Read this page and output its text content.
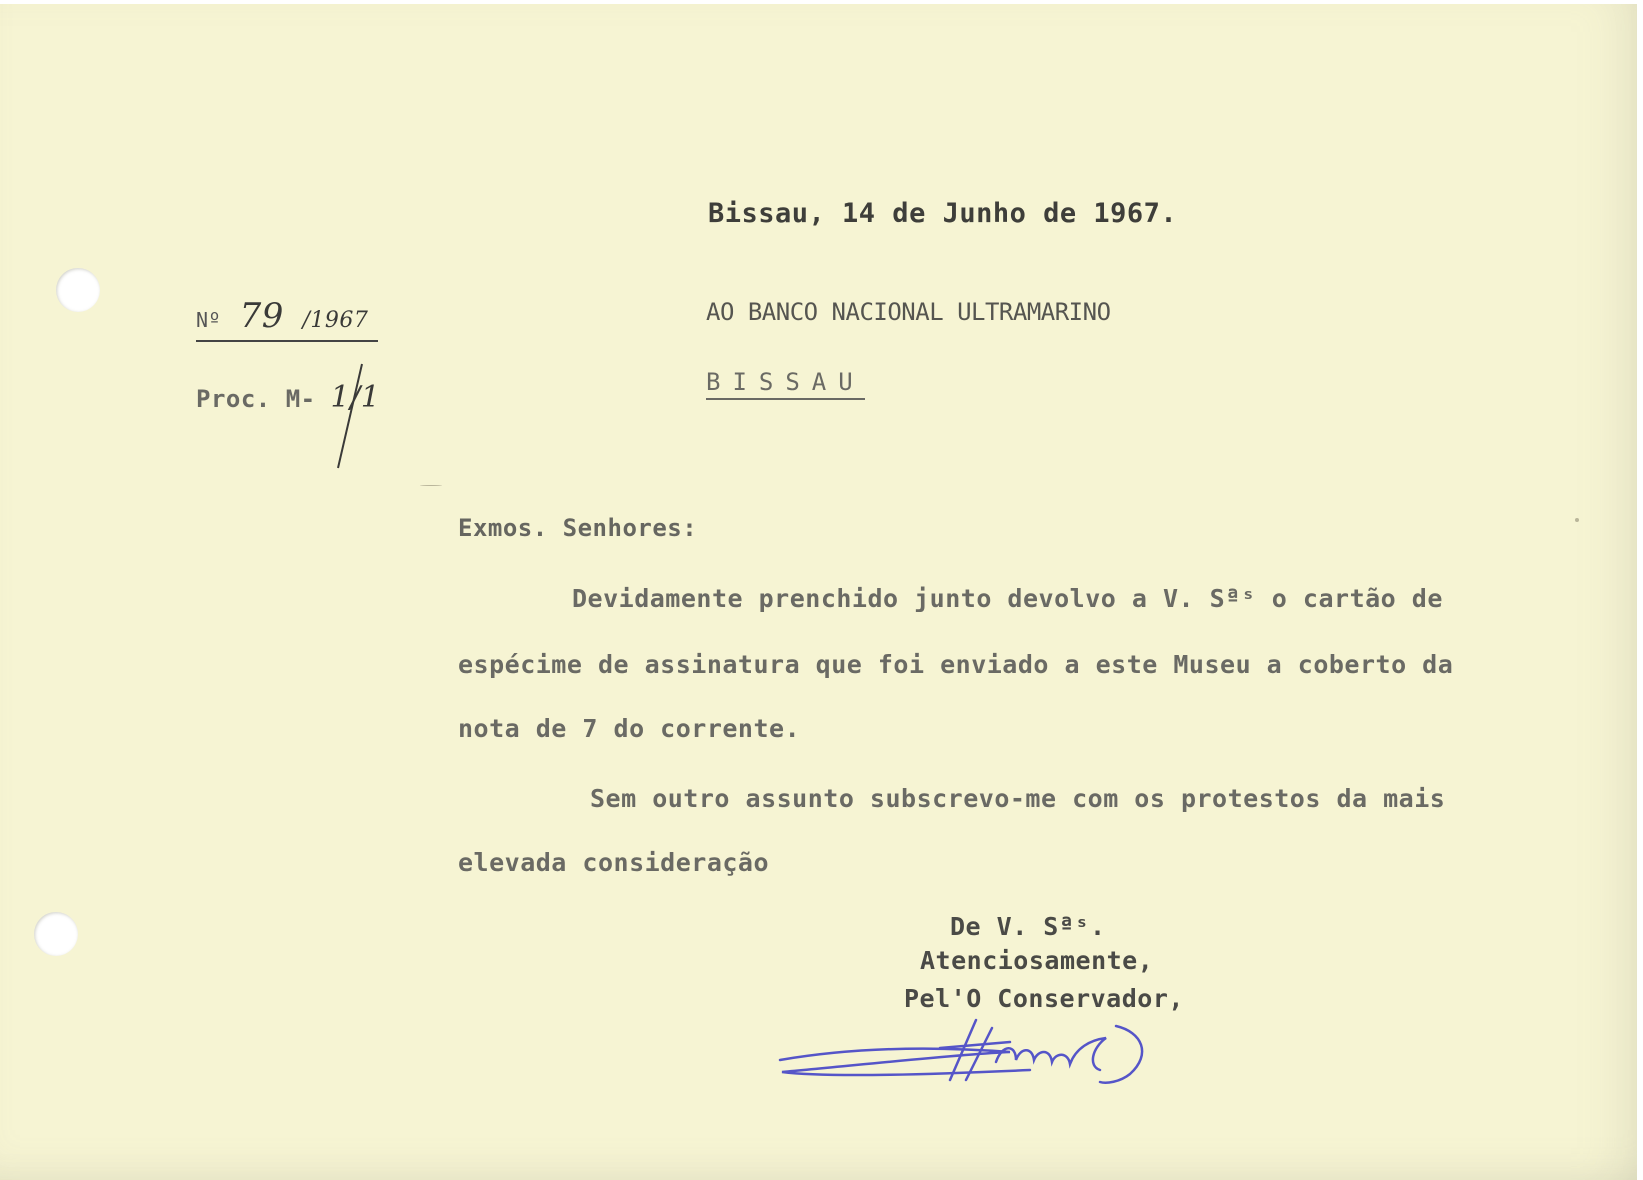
Bissau, 14 de Junho de 1967.
Nº 79 /1967
Proc. M- 1/1
AO BANCO NACIONAL ULTRAMARINO
BISSAU
Exmos. Senhores:
Devidamente prenchido junto devolvo a V. Sªˢ o cartão de
espécime de assinatura que foi enviado a este Museu a coberto da
nota de 7 do corrente.
Sem outro assunto subscrevo-me com os protestos da mais
elevada consideração
De V. Sªˢ.
Atenciosamente,
Pel'O Conservador,
